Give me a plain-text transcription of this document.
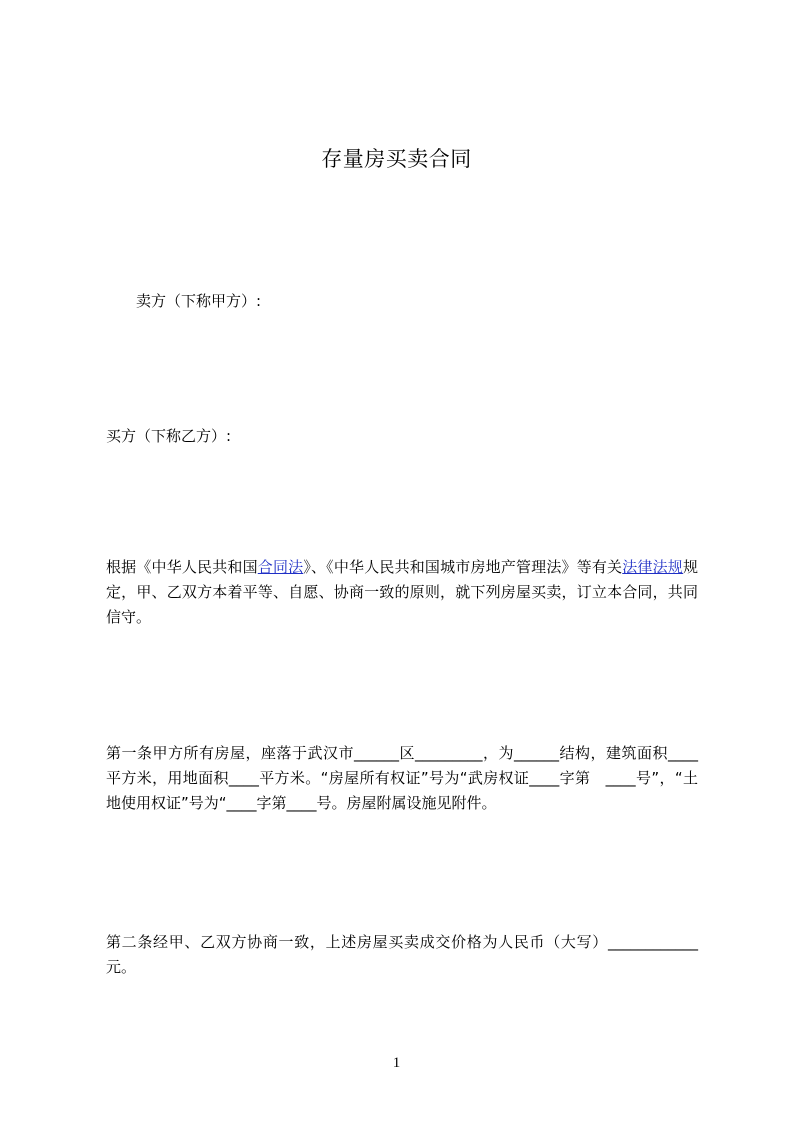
存量房买卖合同
卖方（下称甲方）:
买方（下称乙方）:
根据《中华人民共和国合同法》、《中华人民共和国城市房地产管理法》等有关法律法规规定，甲、乙双方本着平等、自愿、协商一致的原则，就下列房屋买卖，订立本合同，共同信守。
第一条甲方所有房屋，座落于武汉市______区_________，为______结构，建筑面积____平方米，用地面积____平方米。“房屋所有权证”号为“武房权证____字第　____号”，“土地使用权证”号为“____字第____号。房屋附属设施见附件。
第二条经甲、乙双方协商一致，上述房屋买卖成交价格为人民币（大写）____________元。
1
